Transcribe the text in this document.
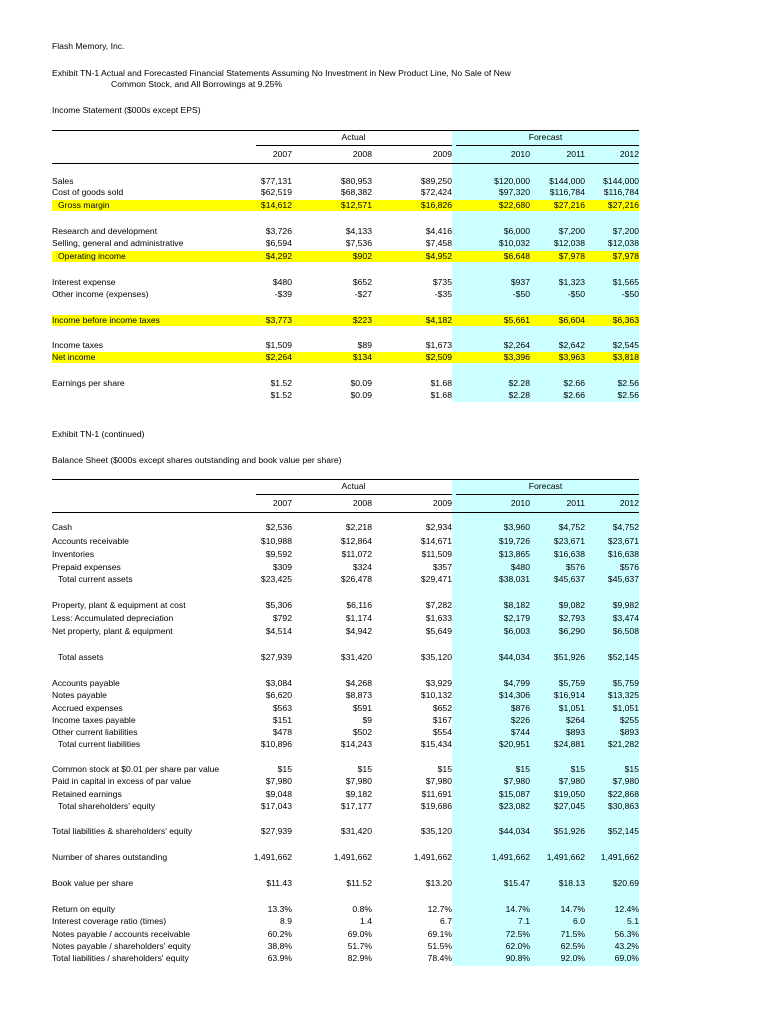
Flash Memory, Inc.
Exhibit TN-1 Actual and Forecasted Financial Statements Assuming No Investment in New Product Line, No Sale of New
Common Stock, and All Borrowings at 9.25%
Income Statement ($000s except EPS)
Actual	Forecast
2007	2008	2009	2010	2011	2012
Sales	$77,131	$80,953	$89,250	$120,000	$144,000	$144,000
Cost of goods sold	$62,519	$68,382	$72,424	$97,320	$116,784	$116,784
Gross margin	$14,612	$12,571	$16,826	$22,680	$27,216	$27,216
Research and development	$3,726	$4,133	$4,416	$6,000	$7,200	$7,200
Selling, general and administrative	$6,594	$7,536	$7,458	$10,032	$12,038	$12,038
Operating income	$4,292	$902	$4,952	$6,648	$7,978	$7,978
Interest expense	$480	$652	$735	$937	$1,323	$1,565
Other income (expenses)	-$39	-$27	-$35	-$50	-$50	-$50
Income before income taxes	$3,773	$223	$4,182	$5,661	$6,604	$6,363
Income taxes	$1,509	$89	$1,673	$2,264	$2,642	$2,545
Net income	$2,264	$134	$2,509	$3,396	$3,963	$3,818
Earnings per share	$1.52	$0.09	$1.68	$2.28	$2.66	$2.56
$1.52	$0.09	$1.68	$2.28	$2.66	$2.56
Exhibit TN-1 (continued)
Balance Sheet ($000s except shares outstanding and book value per share)
Actual	Forecast
2007	2008	2009	2010	2011	2012
Cash	$2,536	$2,218	$2,934	$3,960	$4,752	$4,752
Accounts receivable	$10,988	$12,864	$14,671	$19,726	$23,671	$23,671
Inventories	$9,592	$11,072	$11,509	$13,865	$16,638	$16,638
Prepaid expenses	$309	$324	$357	$480	$576	$576
Total current assets	$23,425	$26,478	$29,471	$38,031	$45,637	$45,637
Property, plant & equipment at cost	$5,306	$6,116	$7,282	$8,182	$9,082	$9,982
Less: Accumulated depreciation	$792	$1,174	$1,633	$2,179	$2,793	$3,474
Net property, plant & equipment	$4,514	$4,942	$5,649	$6,003	$6,290	$6,508
Total assets	$27,939	$31,420	$35,120	$44,034	$51,926	$52,145
Accounts payable	$3,084	$4,268	$3,929	$4,799	$5,759	$5,759
Notes payable	$6,620	$8,873	$10,132	$14,306	$16,914	$13,325
Accrued expenses	$563	$591	$652	$876	$1,051	$1,051
Income taxes payable	$151	$9	$167	$226	$264	$255
Other current liabilities	$478	$502	$554	$744	$893	$893
Total current liabilities	$10,896	$14,243	$15,434	$20,951	$24,881	$21,282
Common stock at $0.01 per share par value	$15	$15	$15	$15	$15	$15
Paid in capital in excess of par value	$7,980	$7,980	$7,980	$7,980	$7,980	$7,980
Retained earnings	$9,048	$9,182	$11,691	$15,087	$19,050	$22,868
Total shareholders' equity	$17,043	$17,177	$19,686	$23,082	$27,045	$30,863
Total liabilities & shareholders' equity	$27,939	$31,420	$35,120	$44,034	$51,926	$52,145
Number of shares outstanding	1,491,662	1,491,662	1,491,662	1,491,662	1,491,662	1,491,662
Book value per share	$11.43	$11.52	$13.20	$15.47	$18.13	$20.69
Return on equity	13.3%	0.8%	12.7%	14.7%	14.7%	12.4%
Interest coverage ratio (times)	8.9	1.4	6.7	7.1	6.0	5.1
Notes payable / accounts receivable	60.2%	69.0%	69.1%	72.5%	71.5%	56.3%
Notes payable / shareholders' equity	38.8%	51.7%	51.5%	62.0%	62.5%	43.2%
Total liabilities / shareholders' equity	63.9%	82.9%	78.4%	90.8%	92.0%	69.0%
